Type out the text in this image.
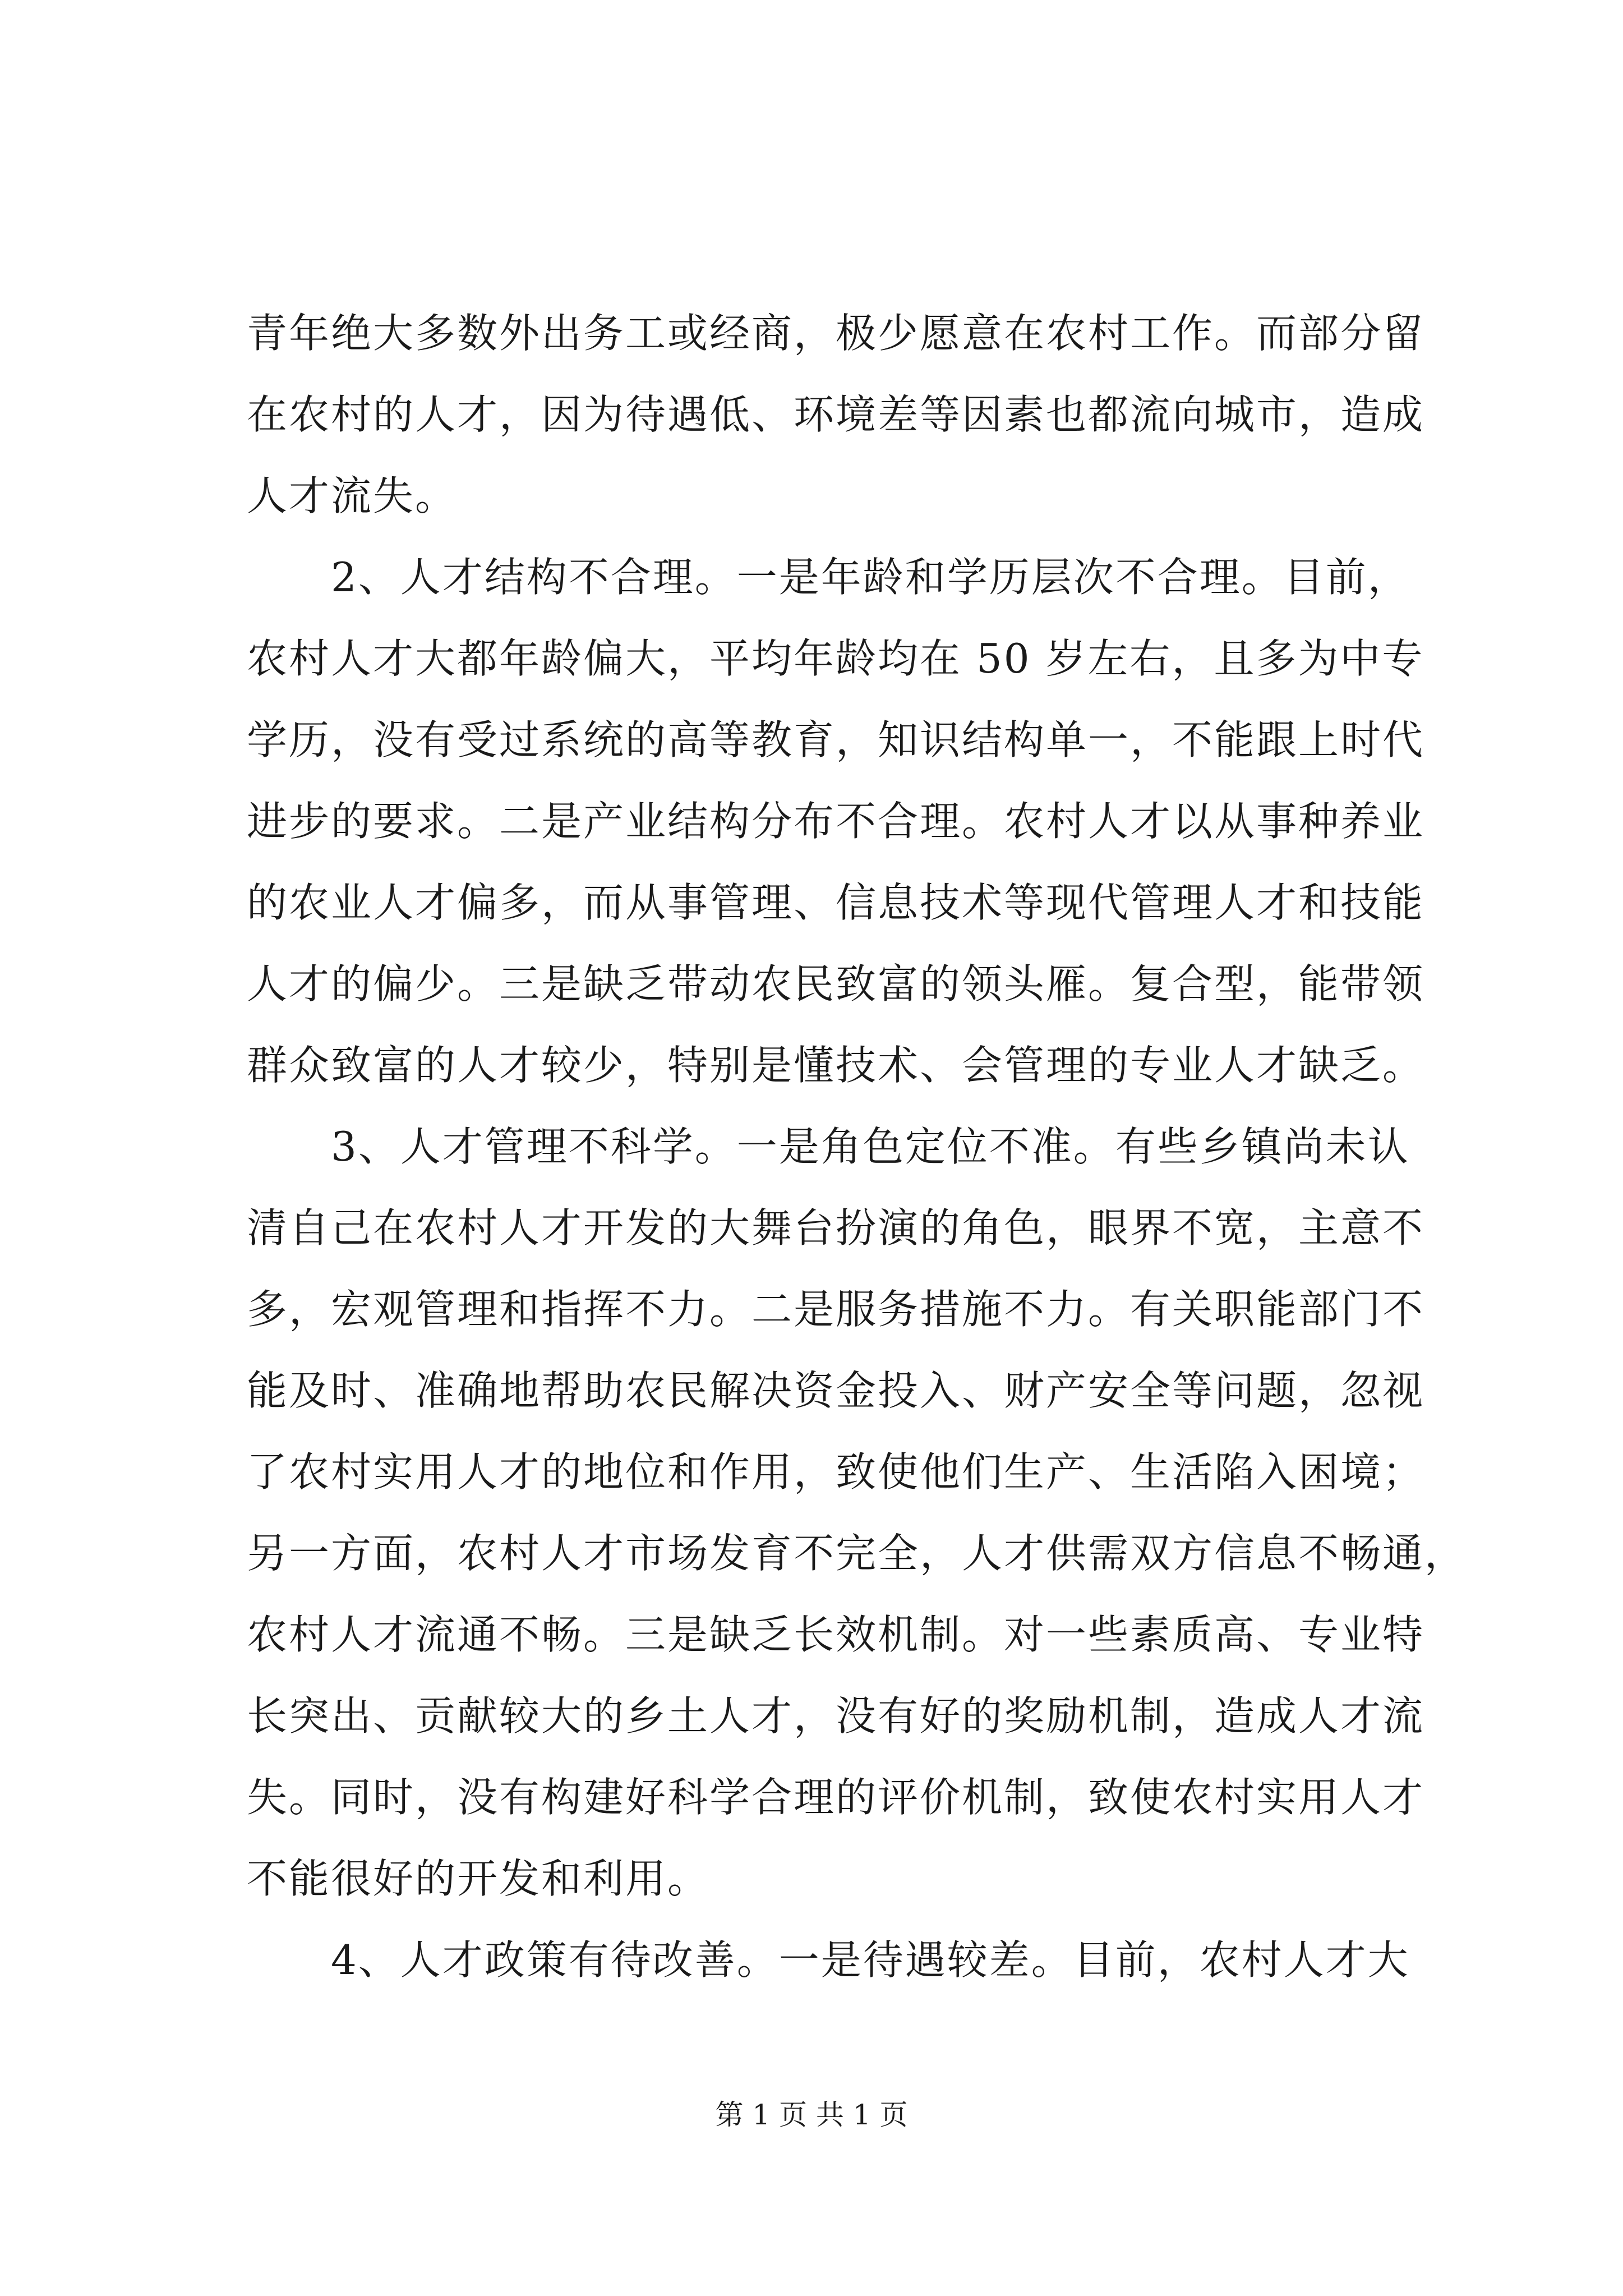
青年绝大多数外出务工或经商，极少愿意在农村工作。而部分留
在农村的人才，因为待遇低、环境差等因素也都流向城市，造成
人才流失。
　　2、人才结构不合理。一是年龄和学历层次不合理。目前，
农村人才大都年龄偏大，平均年龄均在 50 岁左右，且多为中专
学历，没有受过系统的高等教育，知识结构单一，不能跟上时代
进步的要求。二是产业结构分布不合理。农村人才以从事种养业
的农业人才偏多，而从事管理、信息技术等现代管理人才和技能
人才的偏少。三是缺乏带动农民致富的领头雁。复合型，能带领
群众致富的人才较少，特别是懂技术、会管理的专业人才缺乏。
　　3、人才管理不科学。一是角色定位不准。有些乡镇尚未认
清自己在农村人才开发的大舞台扮演的角色，眼界不宽，主意不
多，宏观管理和指挥不力。二是服务措施不力。有关职能部门不
能及时、准确地帮助农民解决资金投入、财产安全等问题，忽视
了农村实用人才的地位和作用，致使他们生产、生活陷入困境；
另一方面，农村人才市场发育不完全，人才供需双方信息不畅通，
农村人才流通不畅。三是缺乏长效机制。对一些素质高、专业特
长突出、贡献较大的乡土人才，没有好的奖励机制，造成人才流
失。同时，没有构建好科学合理的评价机制，致使农村实用人才
不能很好的开发和利用。
　　4、人才政策有待改善。一是待遇较差。目前，农村人才大
第 1 页 共 1 页
